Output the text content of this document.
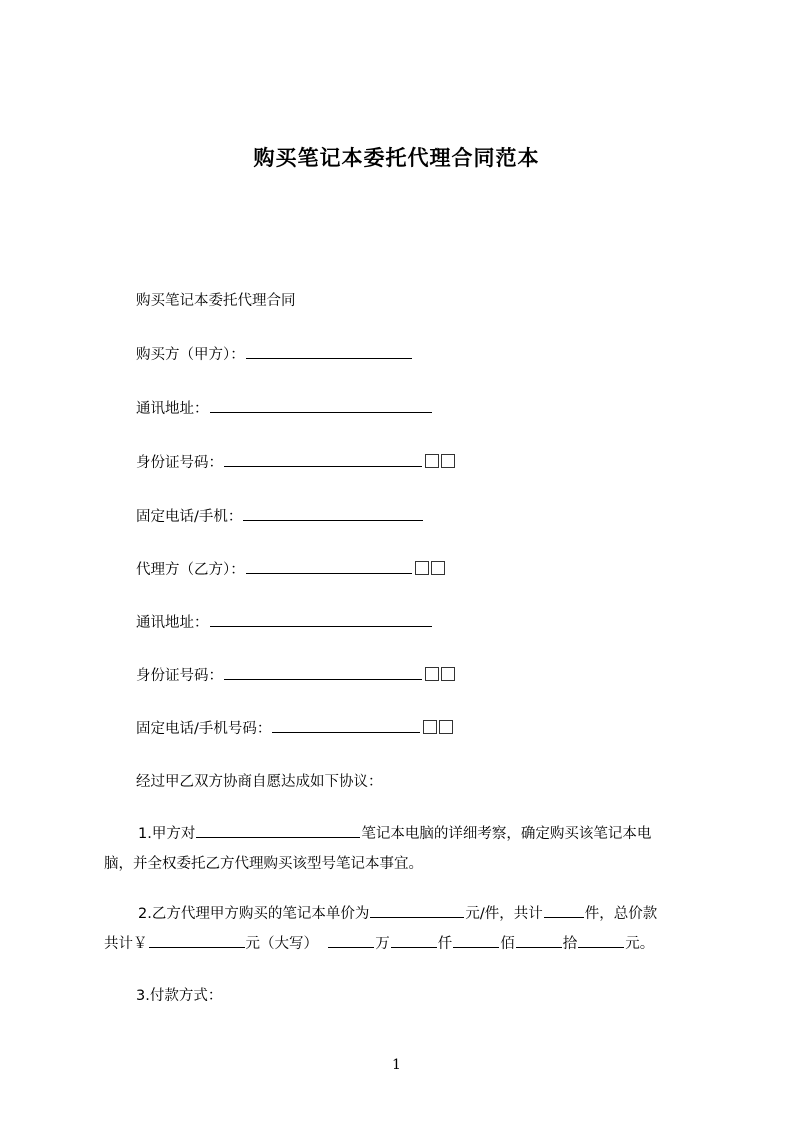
购买笔记本委托代理合同范本
购买笔记本委托代理合同
购买方（甲方）：
通讯地址：
身份证号码：
固定电话/手机：
代理方（乙方）：
通讯地址：
身份证号码：
固定电话/手机号码：
经过甲乙双方协商自愿达成如下协议：
1.甲方对	笔记本电脑的详细考察，确定购买该笔记本电
脑，并全权委托乙方代理购买该型号笔记本事宜。
2.乙方代理甲方购买的笔记本单价为	元/件，共计	件，总价款
共计￥	元（大写）	万	仟	佰	拾	元。
3.付款方式：
1
